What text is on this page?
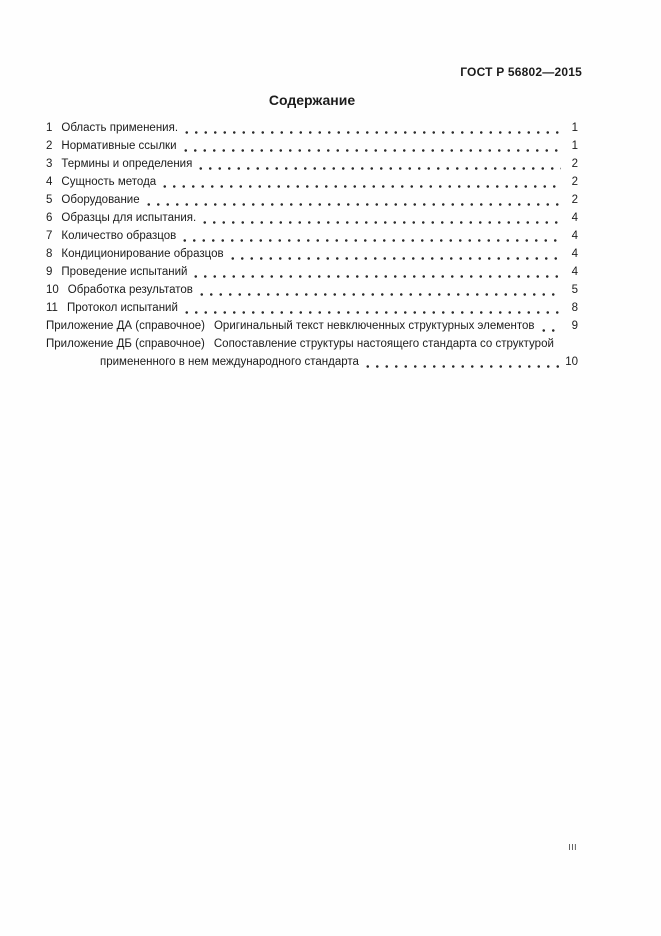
ГОСТ Р 56802—2015
Содержание
1 Область применения.	1
2 Нормативные ссылки	1
3 Термины и определения	2
4 Сущность метода	2
5 Оборудование	2
6 Образцы для испытания.	4
7 Количество образцов	4
8 Кондиционирование образцов	4
9 Проведение испытаний	4
10 Обработка результатов	5
11 Протокол испытаний	8
Приложение ДА (справочное) Оригинальный текст невключенных структурных элементов	9
Приложение ДБ (справочное) Сопоставление структуры настоящего стандарта со структурой
примененного в нем международного стандарта	10
III
